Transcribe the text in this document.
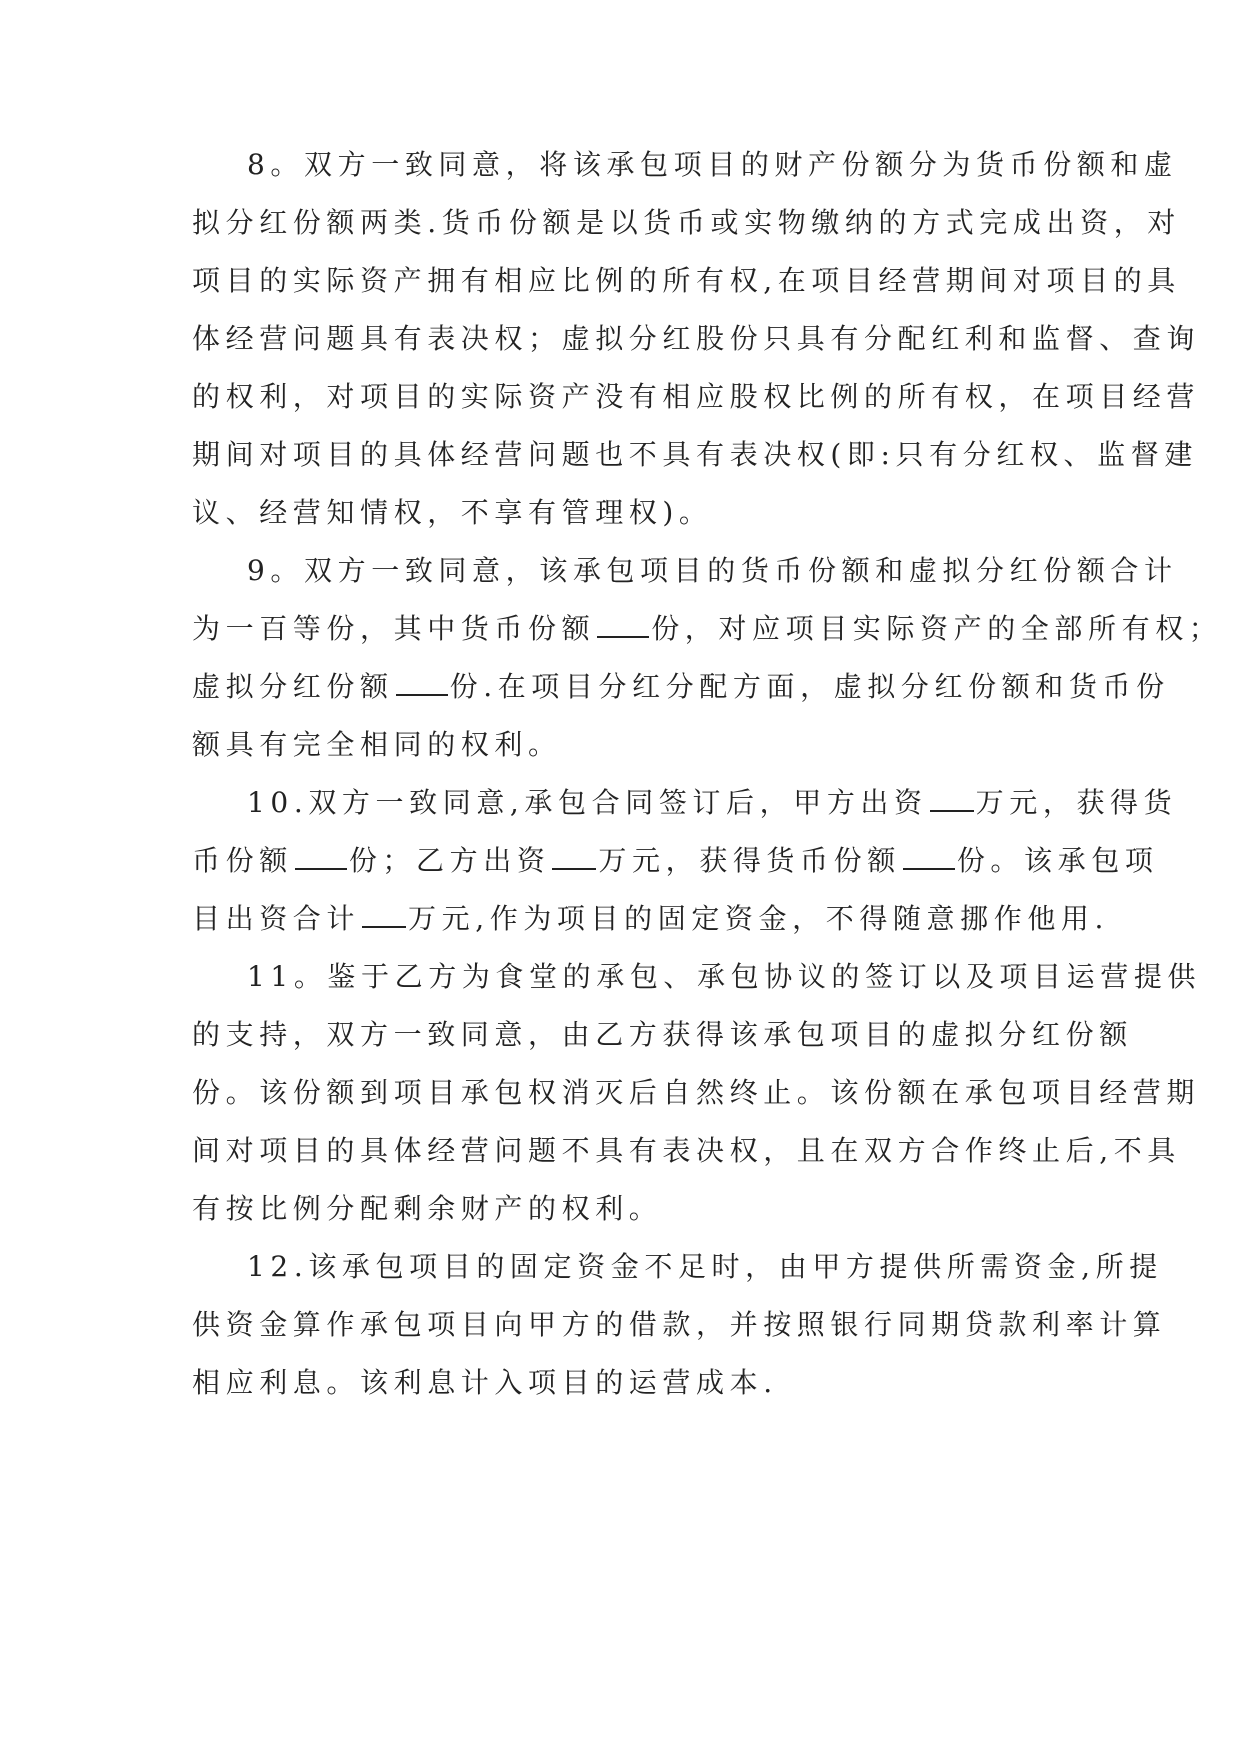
8。双方一致同意，将该承包项目的财产份额分为货币份额和虚
拟分红份额两类.货币份额是以货币或实物缴纳的方式完成出资，对
项目的实际资产拥有相应比例的所有权,在项目经营期间对项目的具
体经营问题具有表决权；虚拟分红股份只具有分配红利和监督、查询
的权利，对项目的实际资产没有相应股权比例的所有权，在项目经营
期间对项目的具体经营问题也不具有表决权(即:只有分红权、监督建
议、经营知情权，不享有管理权)。
9。双方一致同意，该承包项目的货币份额和虚拟分红份额合计
为一百等份，其中货币份额 份，对应项目实际资产的全部所有权；
虚拟分红份额 份.在项目分红分配方面，虚拟分红份额和货币份
额具有完全相同的权利。
10.双方一致同意,承包合同签订后，甲方出资 万元，获得货
币份额 份；乙方出资 万元，获得货币份额 份。该承包项
目出资合计 万元,作为项目的固定资金，不得随意挪作他用.
11。鉴于乙方为食堂的承包、承包协议的签订以及项目运营提供
的支持，双方一致同意，由乙方获得该承包项目的虚拟分红份额
份。该份额到项目承包权消灭后自然终止。该份额在承包项目经营期
间对项目的具体经营问题不具有表决权，且在双方合作终止后,不具
有按比例分配剩余财产的权利。
12.该承包项目的固定资金不足时，由甲方提供所需资金,所提
供资金算作承包项目向甲方的借款，并按照银行同期贷款利率计算
相应利息。该利息计入项目的运营成本.
